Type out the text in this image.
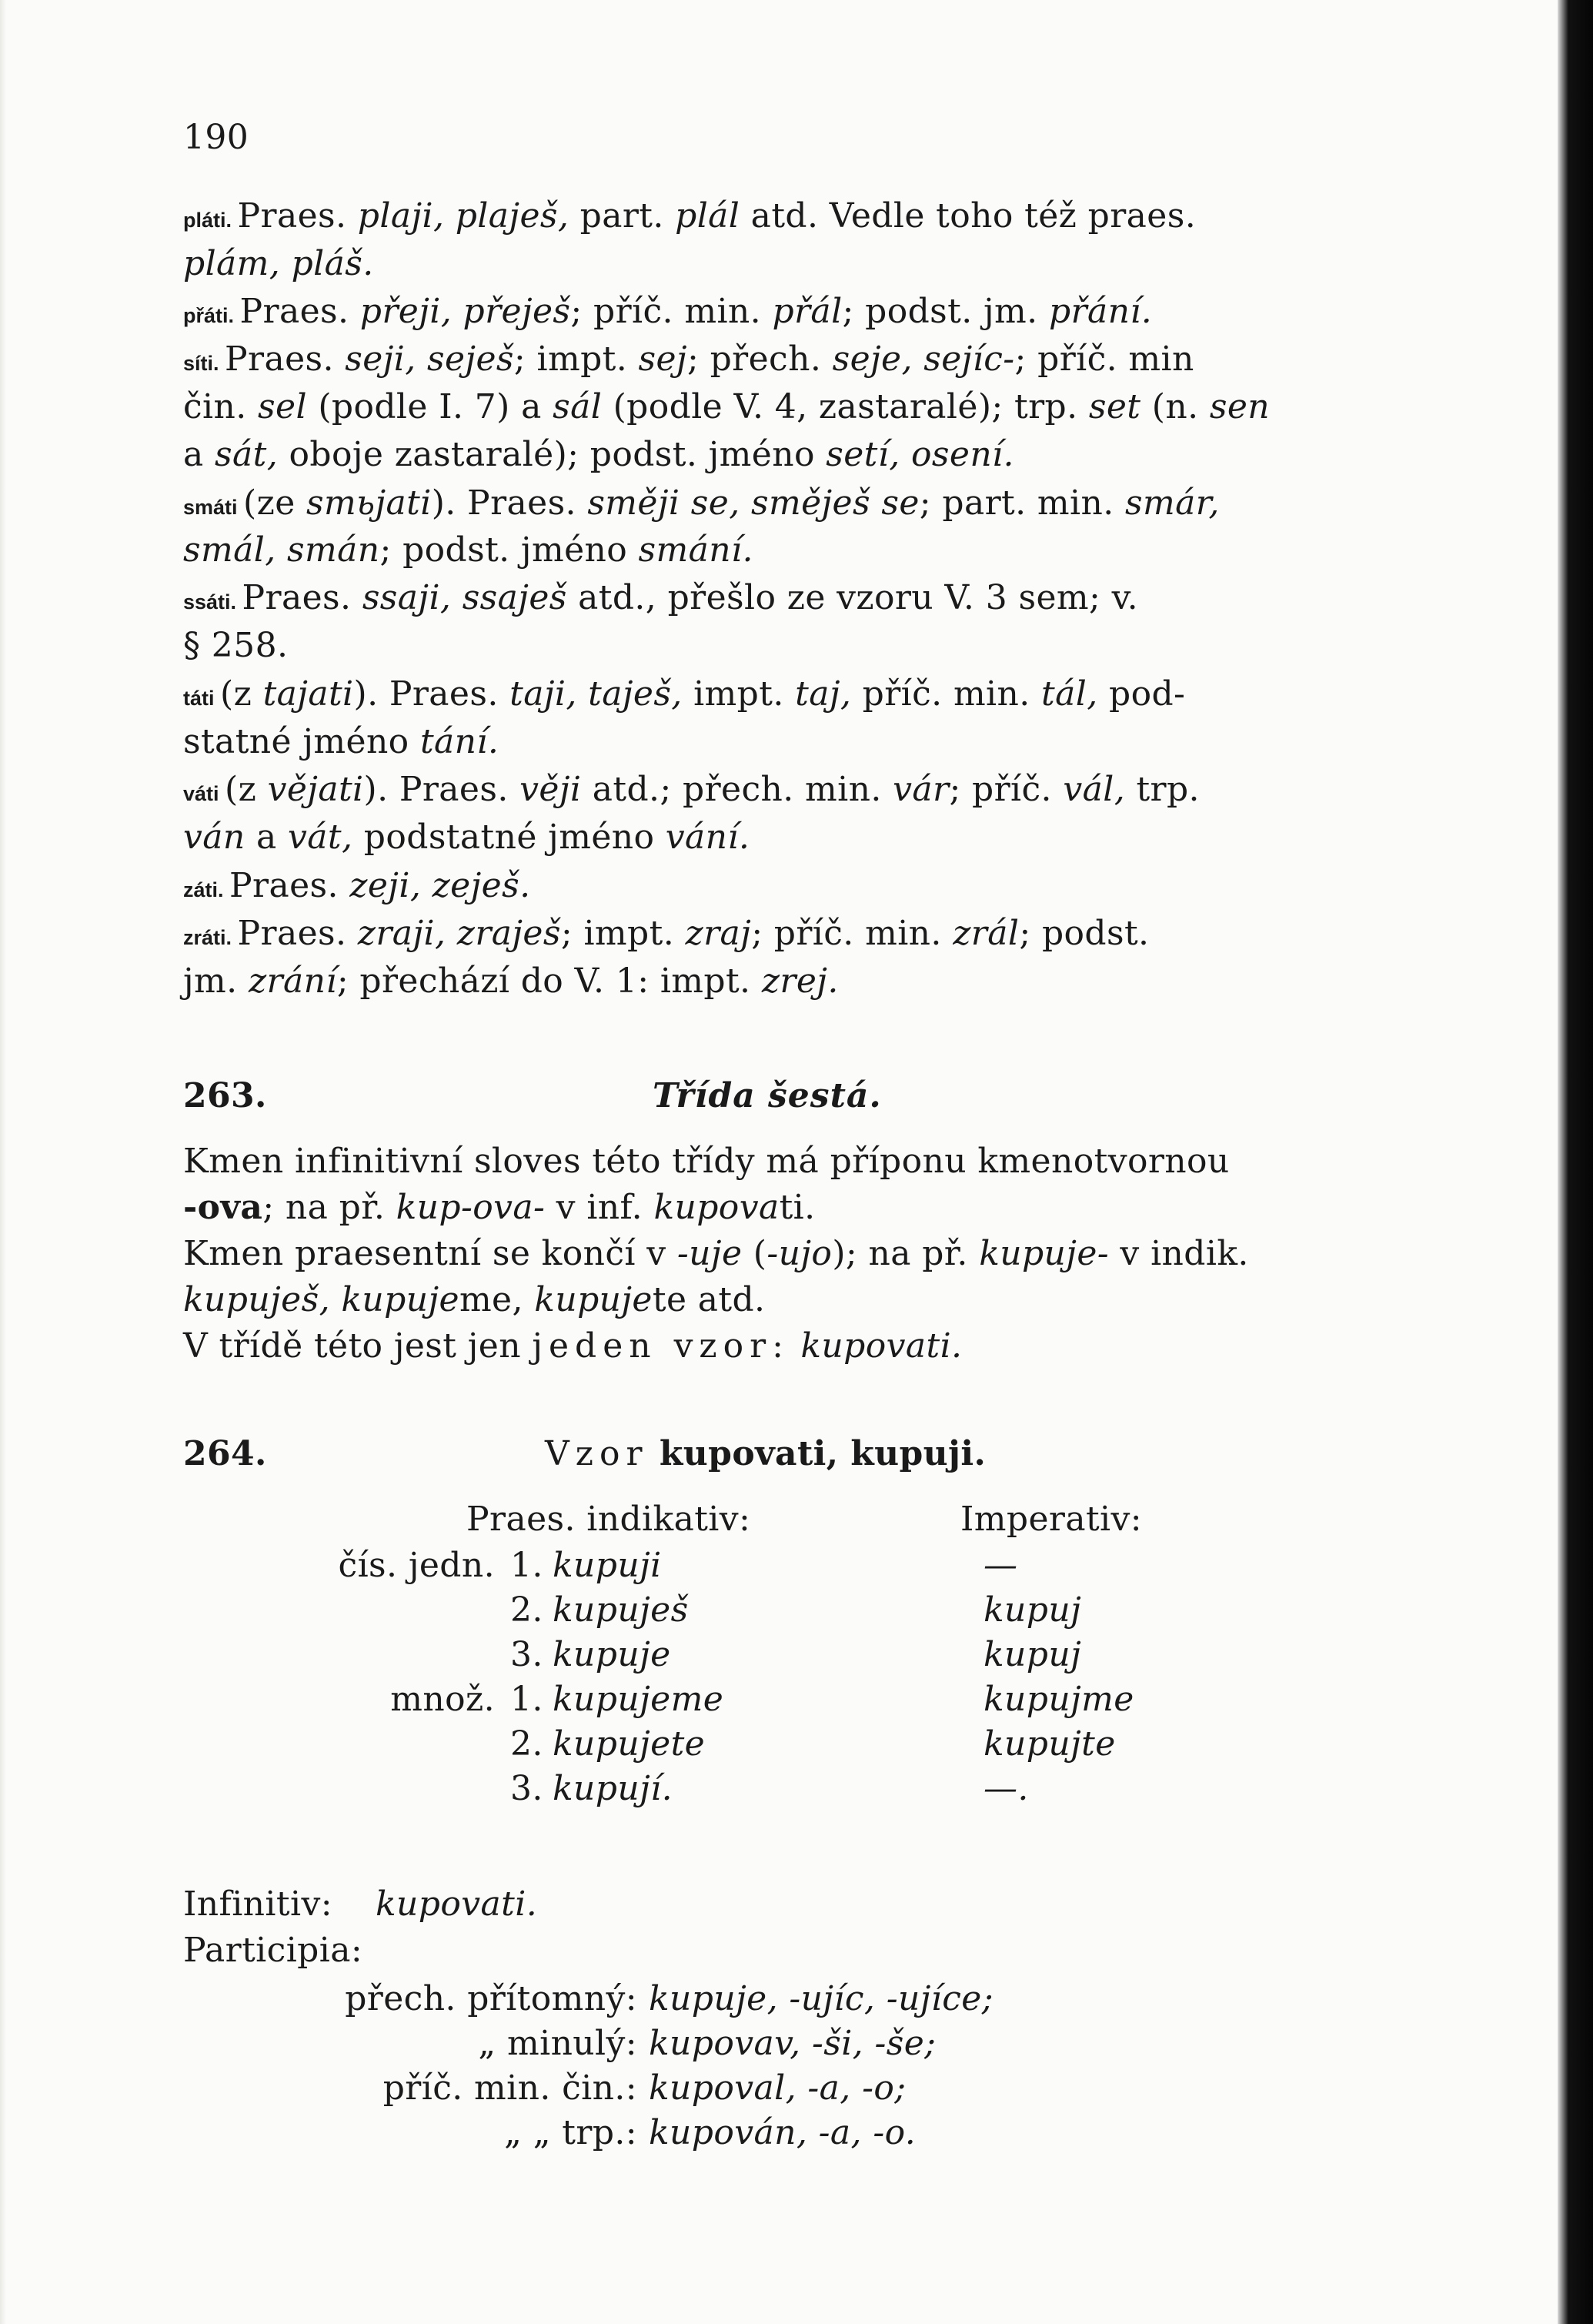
190
pláti. Praes. plaji, plaješ, part. plál atd. Vedle toho též praes.
plám, pláš.
přáti. Praes. přeji, přeješ; příč. min. přál; podst. jm. přání.
síti. Praes. seji, seješ; impt. sej; přech. seje, sejíc-; příč. min
čin. sel (podle I. 7) a sál (podle V. 4, zastaralé); trp. set (n. sen
a sát, oboje zastaralé); podst. jméno setí, osení.
smáti (ze smьjati). Praes. směji se, směješ se; part. min. smár,
smál, smán; podst. jméno smání.
ssáti. Praes. ssaji, ssaješ atd., přešlo ze vzoru V. 3 sem; v.
§ 258.
táti (z tajati). Praes. taji, taješ, impt. taj, příč. min. tál, pod-
statné jméno tání.
váti (z věјati). Praes. věji atd.; přech. min. vár; příč. vál, trp.
ván a vát, podstatné jméno vání.
záti. Praes. zeji, zeješ.
zráti. Praes. zraji, zraješ; impt. zraj; příč. min. zrál; podst.
jm. zrání; přechází do V. 1: impt. zrej.
263.	Třída šestá.
Kmen infinitivní sloves této třídy má příponu kmenotvornou
-ova; na př. kup-ova- v inf. kupovati.
Kmen praesentní se končí v -uje (-ujo); na př. kupuje- v indik.
kupuješ, kupujeme, kupujete atd.
V třídě této jest jen jeden vzor: kupovati.
264.	Vzor kupovati, kupuji.
Praes. indikativ:	Imperativ:
čís. jedn. 1. kupuji	—
2. kupuješ	kupuj
3. kupuje	kupuj
množ. 1. kupujeme	kupujme
2. kupujete	kupujte
3. kupují.	—.
Infinitiv: kupovati.
Participia:
přech. přítomný: kupuje, -ujíc, -ujíce;
„ minulý: kupovav, -ši, -še;
příč. min. čin.: kupoval, -a, -o;
„ „ trp.: kupován, -a, -o.
